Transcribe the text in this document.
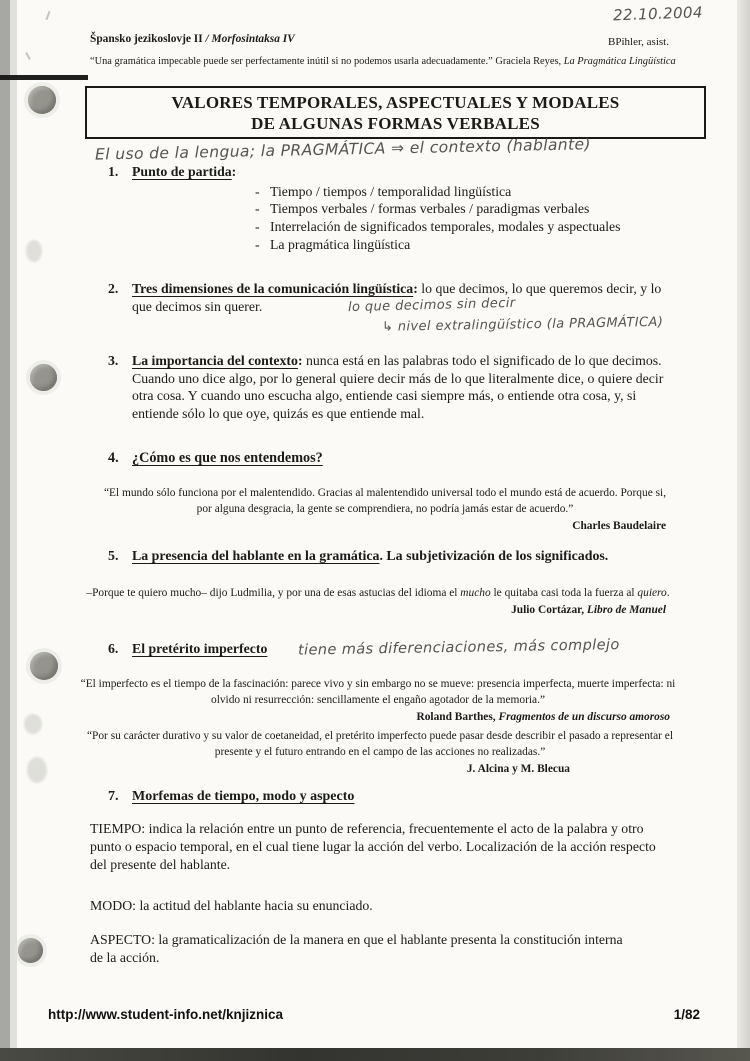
22.10.2004
Špansko jezikoslovje II / Morfosintaksa IV	BPihler, asist.
“Una gramática impecable puede ser perfectamente inútil si no podemos usarla adecuadamente.” Graciela Reyes, La Pragmática Lingüística
VALORES TEMPORALES, ASPECTUALES Y MODALES
DE ALGUNAS FORMAS VERBALES
El uso de la lengua; la PRAGMÁTICA ⇒ el contexto (hablante)
1. Punto de partida:
- Tiempo / tiempos / temporalidad lingüística
- Tiempos verbales / formas verbales / paradigmas verbales
- Interrelación de significados temporales, modales y aspectuales
- La pragmática lingüística
2. Tres dimensiones de la comunicación lingüística: lo que decimos, lo que queremos decir, y lo que decimos sin querer.	lo que decimos sin decir
↳ nivel extralingüístico (la PRAGMÁTICA)
3. La importancia del contexto: nunca está en las palabras todo el significado de lo que decimos. Cuando uno dice algo, por lo general quiere decir más de lo que literalmente dice, o quiere decir otra cosa. Y cuando uno escucha algo, entiende casi siempre más, o entiende otra cosa, y, si entiende sólo lo que oye, quizás es que entiende mal.
4. ¿Cómo es que nos entendemos?
“El mundo sólo funciona por el malentendido. Gracias al malentendido universal todo el mundo está de acuerdo. Porque si, por alguna desgracia, la gente se comprendiera, no podría jamás estar de acuerdo.”
Charles Baudelaire
5. La presencia del hablante en la gramática. La subjetivización de los significados.
–Porque te quiero mucho– dijo Ludmilia, y por una de esas astucias del idioma el mucho le quitaba casi toda la fuerza al quiero.
Julio Cortázar, Libro de Manuel
6. El pretérito imperfecto	tiene más diferenciaciones, más complejo
“El imperfecto es el tiempo de la fascinación: parece vivo y sin embargo no se mueve: presencia imperfecta, muerte imperfecta: ni olvido ni resurrección: sencillamente el engaño agotador de la memoria.”
Roland Barthes, Fragmentos de un discurso amoroso
“Por su carácter durativo y su valor de coetaneidad, el pretérito imperfecto puede pasar desde describir el pasado a representar el presente y el futuro entrando en el campo de las acciones no realizadas.”
J. Alcina y M. Blecua
7. Morfemas de tiempo, modo y aspecto
TIEMPO: indica la relación entre un punto de referencia, frecuentemente el acto de la palabra y otro punto o espacio temporal, en el cual tiene lugar la acción del verbo. Localización de la acción respecto del presente del hablante.
MODO: la actitud del hablante hacia su enunciado.
ASPECTO: la gramaticalización de la manera en que el hablante presenta la constitución interna de la acción.
http://www.student-info.net/knjiznica	1/82
